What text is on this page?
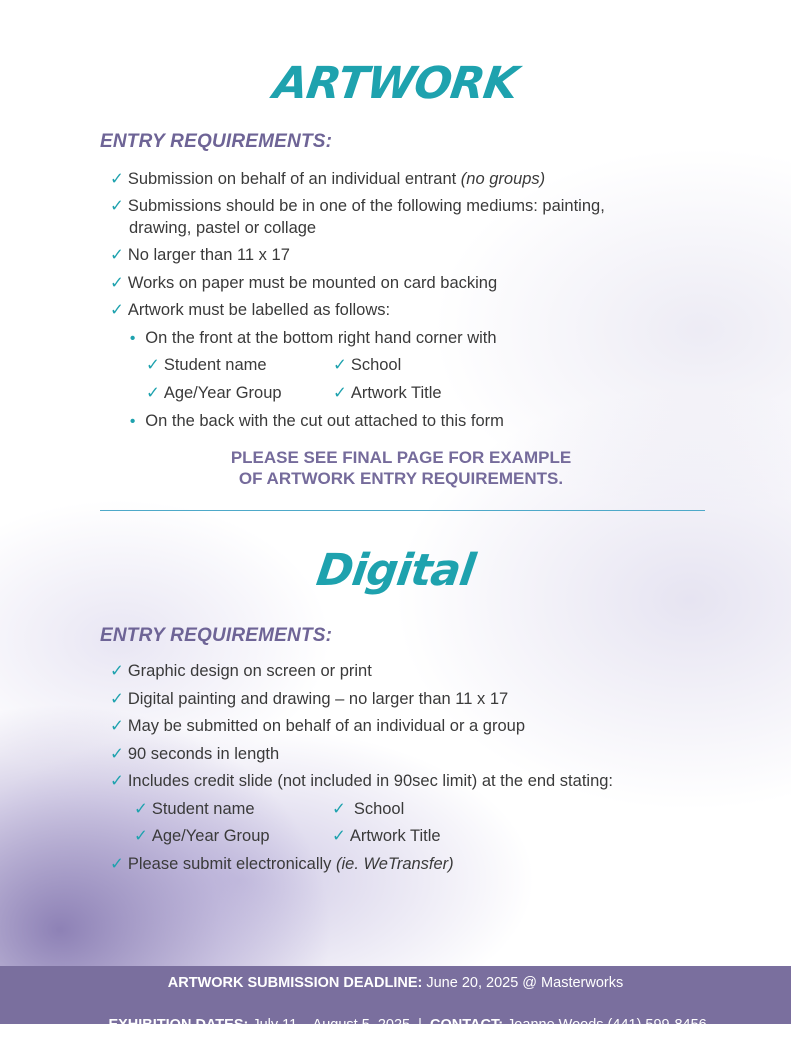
ARTWORK
ENTRY REQUIREMENTS:
✓ Submission on behalf of an individual entrant (no groups)
✓ Submissions should be in one of the following mediums: painting,
drawing, pastel or collage
✓ No larger than 11 x 17
✓ Works on paper must be mounted on card backing
✓ Artwork must be labelled as follows:
• On the front at the bottom right hand corner with
✓ Student name	✓ School
✓ Age/Year Group	✓ Artwork Title
• On the back with the cut out attached to this form
PLEASE SEE FINAL PAGE FOR EXAMPLE
OF ARTWORK ENTRY REQUIREMENTS.
Digital
ENTRY REQUIREMENTS:
✓ Graphic design on screen or print
✓ Digital painting and drawing – no larger than 11 x 17
✓ May be submitted on behalf of an individual or a group
✓ 90 seconds in length
✓ Includes credit slide (not included in 90sec limit) at the end stating:
✓ Student name	✓ School
✓ Age/Year Group	✓ Artwork Title
✓ Please submit electronically (ie. WeTransfer)
ARTWORK SUBMISSION DEADLINE: June 20, 2025 @ Masterworks

EXHIBITION DATES: July 11 – August 5, 2025  |  CONTACT: Joanne Woods (441) 599-8456
